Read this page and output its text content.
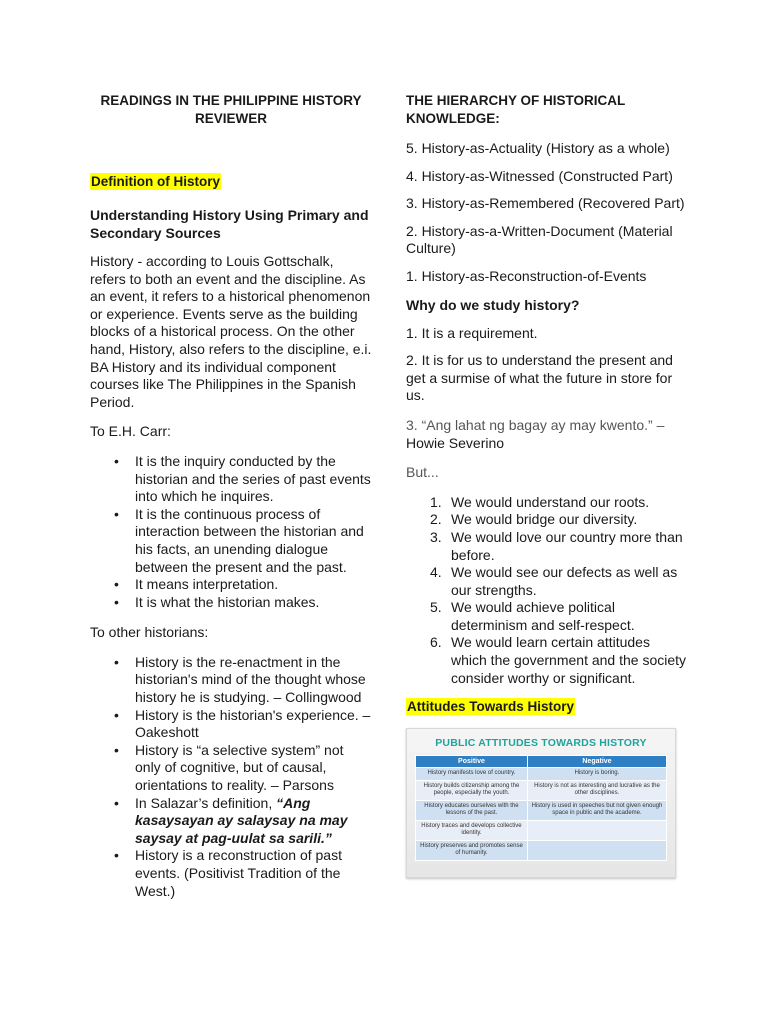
READINGS IN THE PHILIPPINE HISTORY REVIEWER
Definition of History
Understanding History Using Primary and Secondary Sources

History - according to Louis Gottschalk, refers to both an event and the discipline. As an event, it refers to a historical phenomenon or experience. Events serve as the building blocks of a historical process. On the other hand, History, also refers to the discipline, e.i. BA History and its individual component courses like The Philippines in the Spanish Period.

To E.H. Carr:

• It is the inquiry conducted by the historian and the series of past events into which he inquires.
• It is the continuous process of interaction between the historian and his facts, an unending dialogue between the present and the past.
• It means interpretation.
• It is what the historian makes.

To other historians:

• History is the re-enactment in the historian's mind of the thought whose history he is studying. – Collingwood
• History is the historian's experience. – Oakeshott
• History is “a selective system” not only of cognitive, but of causal, orientations to reality. – Parsons
• In Salazar’s definition, “Ang kasaysayan ay salaysay na may saysay at pag-uulat sa sarili.”
• History is a reconstruction of past events. (Positivist Tradition of the West.)
THE HIERARCHY OF HISTORICAL KNOWLEDGE:

5. History-as-Actuality (History as a whole)

4. History-as-Witnessed (Constructed Part)

3. History-as-Remembered (Recovered Part)

2. History-as-a-Written-Document (Material Culture)

1. History-as-Reconstruction-of-Events

Why do we study history?

1. It is a requirement.

2. It is for us to understand the present and get a surmise of what the future in store for us.

3. “Ang lahat ng bagay ay may kwento.” –
Howie Severino

But...

1. We would understand our roots.
2. We would bridge our diversity.
3. We would love our country more than before.
4. We would see our defects as well as our strengths.
5. We would achieve political determinism and self-respect.
6. We would learn certain attitudes which the government and the society consider worthy or significant.
Attitudes Towards History
PUBLIC ATTITUDES TOWARDS HISTORY
Positive	Negative
History manifests love of country.	History is boring.
History builds citizenship among the people, especially the youth.	History is not as interesting and lucrative as the other disciplines.
History educates ourselves with the lessons of the past.	History is used in speeches but not given enough space in public and the academe.
History traces and develops collective identity.	
History preserves and promotes sense of humanity.	
